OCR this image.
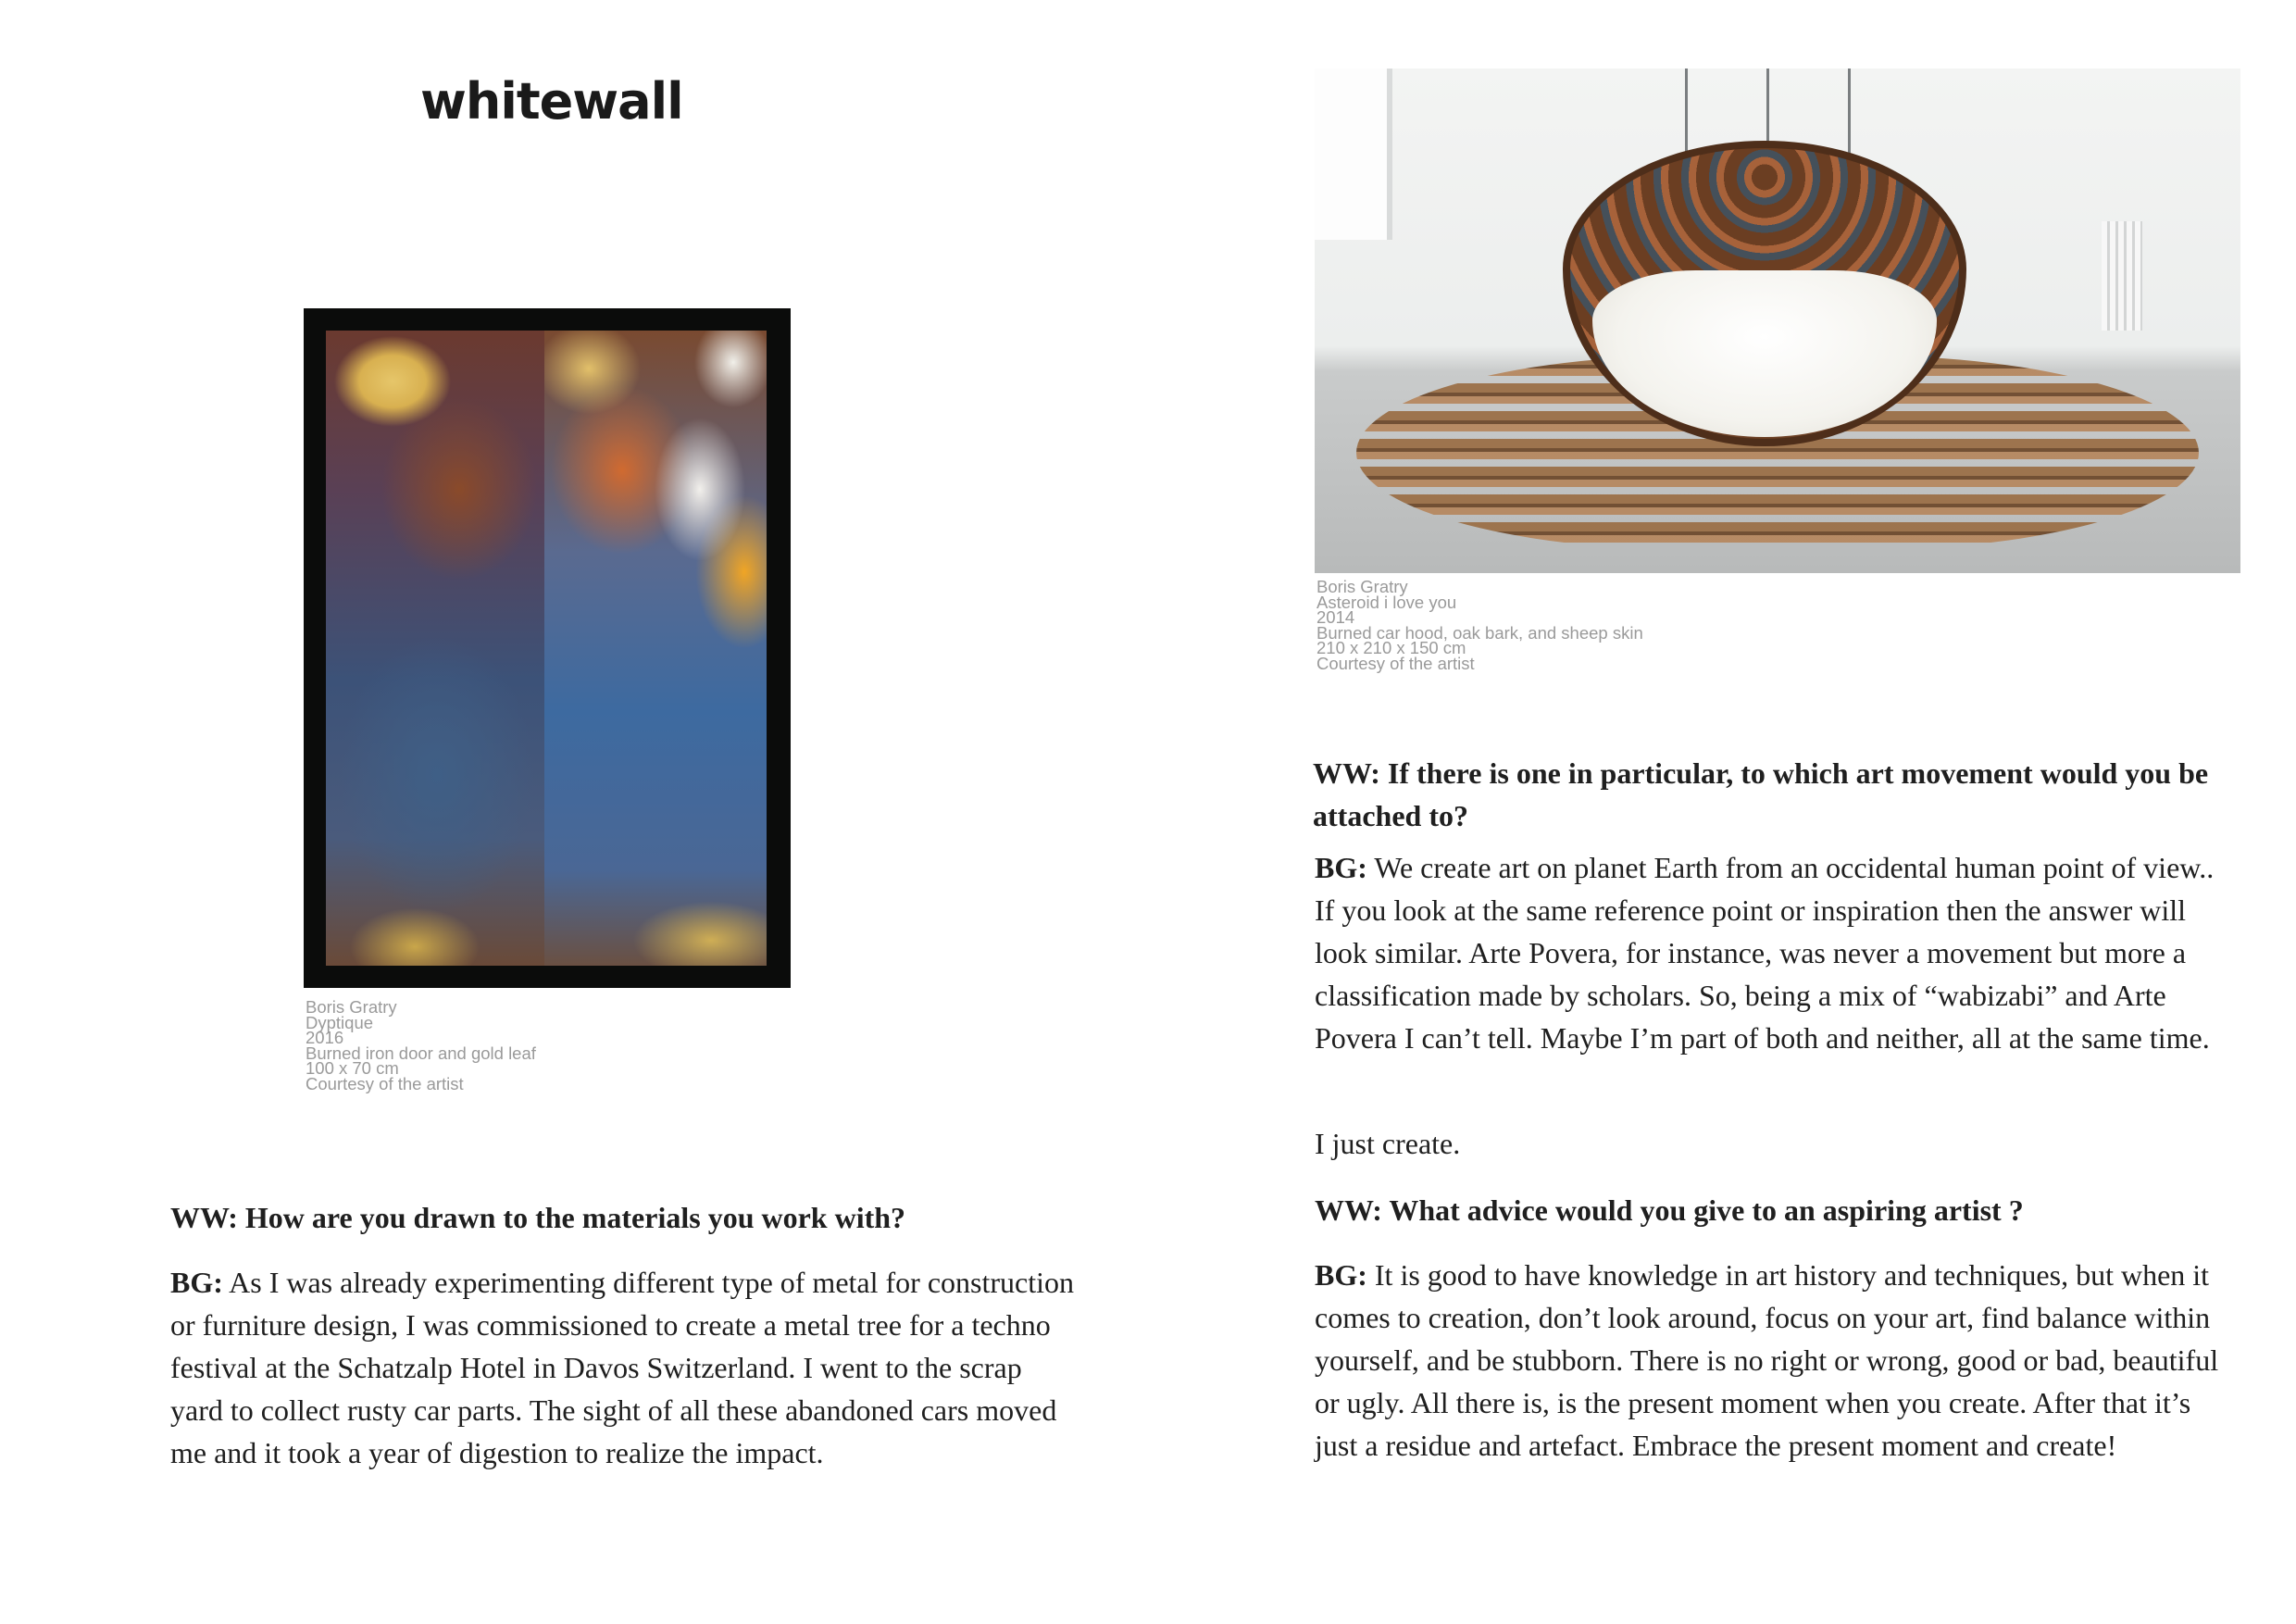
whitewall
Boris Gratry
Dyptique
2016
Burned iron door and gold leaf
100 x 70 cm
Courtesy of the artist
WW: How are you drawn to the materials you work with?

BG: As I was already experimenting different type of metal for construction or furniture design, I was commissioned to create a metal tree for a techno festival at the Schatzalp Hotel in Davos Switzerland. I went to the scrap yard to collect rusty car parts. The sight of all these abandoned cars moved me and it took a year of digestion to realize the impact.

Boris Gratry
Asteroid i love you
2014
Burned car hood, oak bark, and sheep skin
210 x 210 x 150 cm
Courtesy of the artist
WW: If there is one in particular, to which art movement would you be attached to?

BG: We create art on planet Earth from an occidental human point of view.. If you look at the same reference point or inspiration then the answer will look similar. Arte Povera, for instance, was never a movement but more a classification made by scholars. So, being a mix of “wabizabi” and Arte Povera I can’t tell. Maybe I’m part of both and neither, all at the same time.

I just create.

WW: What advice would you give to an aspiring artist ?

BG: It is good to have knowledge in art history and techniques, but when it comes to creation, don’t look around, focus on your art, find balance within yourself, and be stubborn. There is no right or wrong, good or bad, beautiful or ugly. All there is, is the present moment when you create. After that it’s just a residue and artefact. Embrace the present moment and create!
